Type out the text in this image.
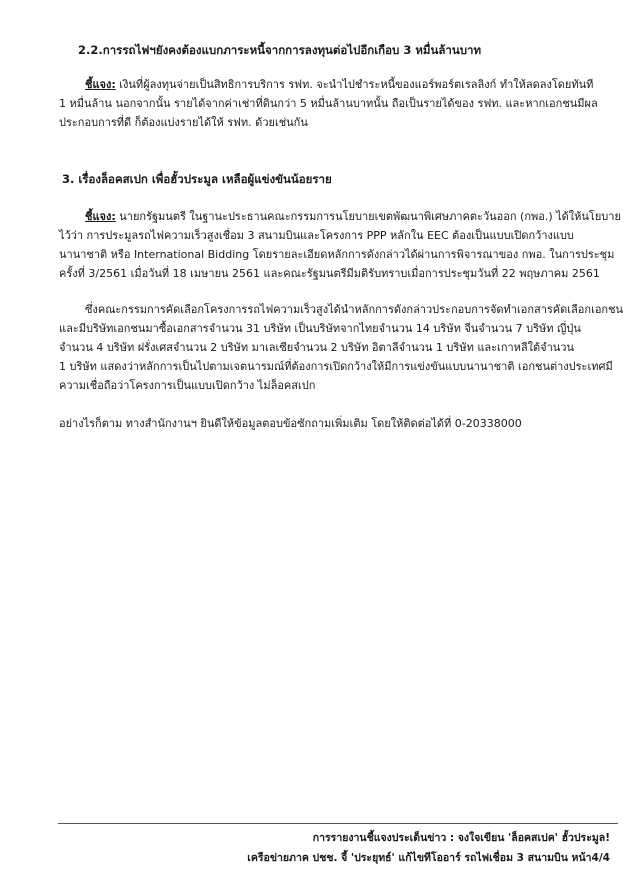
2.2.การรถไฟฯยังคงต้องแบกภาระหนี้จากการลงทุนต่อไปอีกเกือบ 3 หมื่นล้านบาท
ชี้แจง: เงินที่ผู้ลงทุนจ่ายเป็นสิทธิการบริการ รฟท. จะนำไปชำระหนี้ของแอร์พอร์ตเรลลิงก์ ทำให้ลดลงโดยทันที
1 หมื่นล้าน นอกจากนั้น รายได้จากค่าเช่าที่ดินกว่า 5 หมื่นล้านบาทนั้น ถือเป็นรายได้ของ รฟท. และหากเอกชนมีผล
ประกอบการที่ดี ก็ต้องแบ่งรายได้ให้ รฟท. ด้วยเช่นกัน
3. เรื่องล็อคสเปก เพื่อฮั้วประมูล เหลือผู้แข่งขันน้อยราย
ชี้แจง: นายกรัฐมนตรี ในฐานะประธานคณะกรรมการนโยบายเขตพัฒนาพิเศษภาคตะวันออก (กพอ.) ได้ให้นโยบาย
ไว้ว่า การประมูลรถไฟความเร็วสูงเชื่อม 3 สนามบินและโครงการ PPP หลักใน EEC ต้องเป็นแบบเปิดกว้างแบบ
นานาชาติ หรือ International Bidding โดยรายละเอียดหลักการดังกล่าวได้ผ่านการพิจารณาของ กพอ. ในการประชุม
ครั้งที่ 3/2561 เมื่อวันที่ 18 เมษายน 2561 และคณะรัฐมนตรีมีมติรับทราบเมื่อการประชุมวันที่ 22 พฤษภาคม 2561
ซึ่งคณะกรรมการคัดเลือกโครงการรถไฟความเร็วสูงได้นำหลักการดังกล่าวประกอบการจัดทำเอกสารคัดเลือกเอกชน
และมีบริษัทเอกชนมาซื้อเอกสารจำนวน 31 บริษัท เป็นบริษัทจากไทยจำนวน 14 บริษัท จีนจำนวน 7 บริษัท ญี่ปุ่น
จำนวน 4 บริษัท ฝรั่งเศสจำนวน 2 บริษัท มาเลเซียจำนวน 2 บริษัท อิตาลีจำนวน 1 บริษัท และเกาหลีใต้จำนวน
1 บริษัท แสดงว่าหลักการเป็นไปตามเจตนารมณ์ที่ต้องการเปิดกว้างให้มีการแข่งขันแบบนานาชาติ เอกชนต่างประเทศมี
ความเชื่อถือว่าโครงการเป็นแบบเปิดกว้าง ไม่ล็อคสเปก
อย่างไรก็ตาม ทางสำนักงานฯ ยินดีให้ข้อมูลตอบข้อซักถามเพิ่มเติม โดยให้ติดต่อได้ที่ 0-20338000
การรายงานชี้แจงประเด็นข่าว : จงใจเขียน 'ล็อคสเปค' ฮั้วประมูล!
เครือข่ายภาค ปชช. จี้ 'ประยุทธ์' แก้ไขทีโออาร์ รถไฟเชื่อม 3 สนามบิน หน้า4/4
